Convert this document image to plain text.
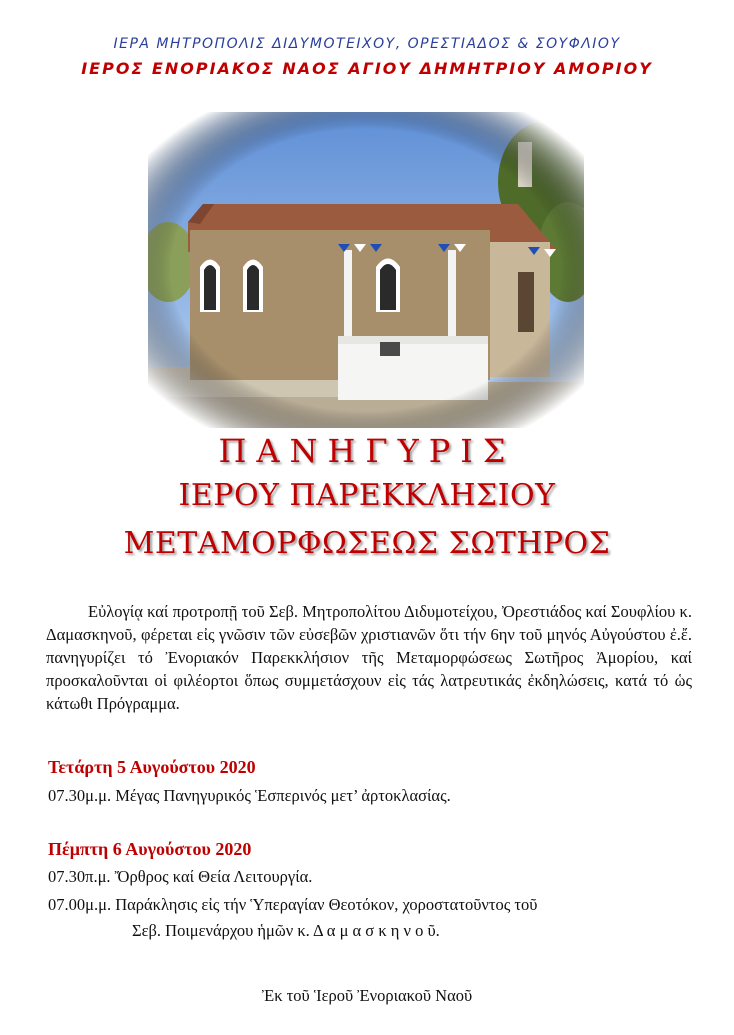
ΙΕΡΑ ΜΗΤΡΟΠΟΛΙΣ ΔΙΔΥΜΟΤΕΙΧΟΥ, ΟΡΕΣΤΙΑΔΟΣ & ΣΟΥΦΛΙΟΥ
ΙΕΡΟΣ ΕΝΟΡΙΑΚΟΣ ΝΑΟΣ ΑΓΙΟΥ ΔΗΜΗΤΡΙΟΥ ΑΜΟΡΙΟΥ
ΠΑΝΗΓΥΡΙΣ
ΙΕΡΟΥ ΠΑΡΕΚΚΛΗΣΙΟΥ
ΜΕΤΑΜΟΡΦΩΣΕΩΣ ΣΩΤΗΡΟΣ

Εὐλογίᾳ καί προτροπῇ τοῦ Σεβ. Μητροπολίτου Διδυμοτείχου, Ὀρεστιάδος καί Σουφλίου κ. Δαμασκηνοῦ, φέρεται εἰς γνῶσιν τῶν εὐσεβῶν χριστιανῶν ὅτι τήν 6ην τοῦ μηνός Αὐγούστου ἐ.ἔ. πανηγυρίζει τό Ἐνοριακόν Παρεκκλήσιον τῆς Μεταμορφώσεως Σωτῆρος Ἀμορίου, καί προσκαλοῦνται οἱ φιλέορτοι ὅπως συμμετάσχουν εἰς τάς λατρευτικάς ἐκδηλώσεις, κατά τό ὡς κάτωθι Πρόγραμμα.

Τετάρτη 5 Αυγούστου 2020
07.30μ.μ. Μέγας Πανηγυρικός Ἑσπερινός μετ’ ἀρτοκλασίας.
Πέμπτη 6 Αυγούστου 2020
07.30π.μ. Ὄρθρος καί Θεία Λειτουργία.
07.00μ.μ. Παράκλησις εἰς τήν Ὑπεραγίαν Θεοτόκον, χοροστατοῦντος τοῦ
Σεβ. Ποιμενάρχου ἡμῶν κ. Δ α μ α σ κ η ν ο ῦ.
Ἐκ τοῦ Ἱεροῦ Ἐνοριακοῦ Ναοῦ
